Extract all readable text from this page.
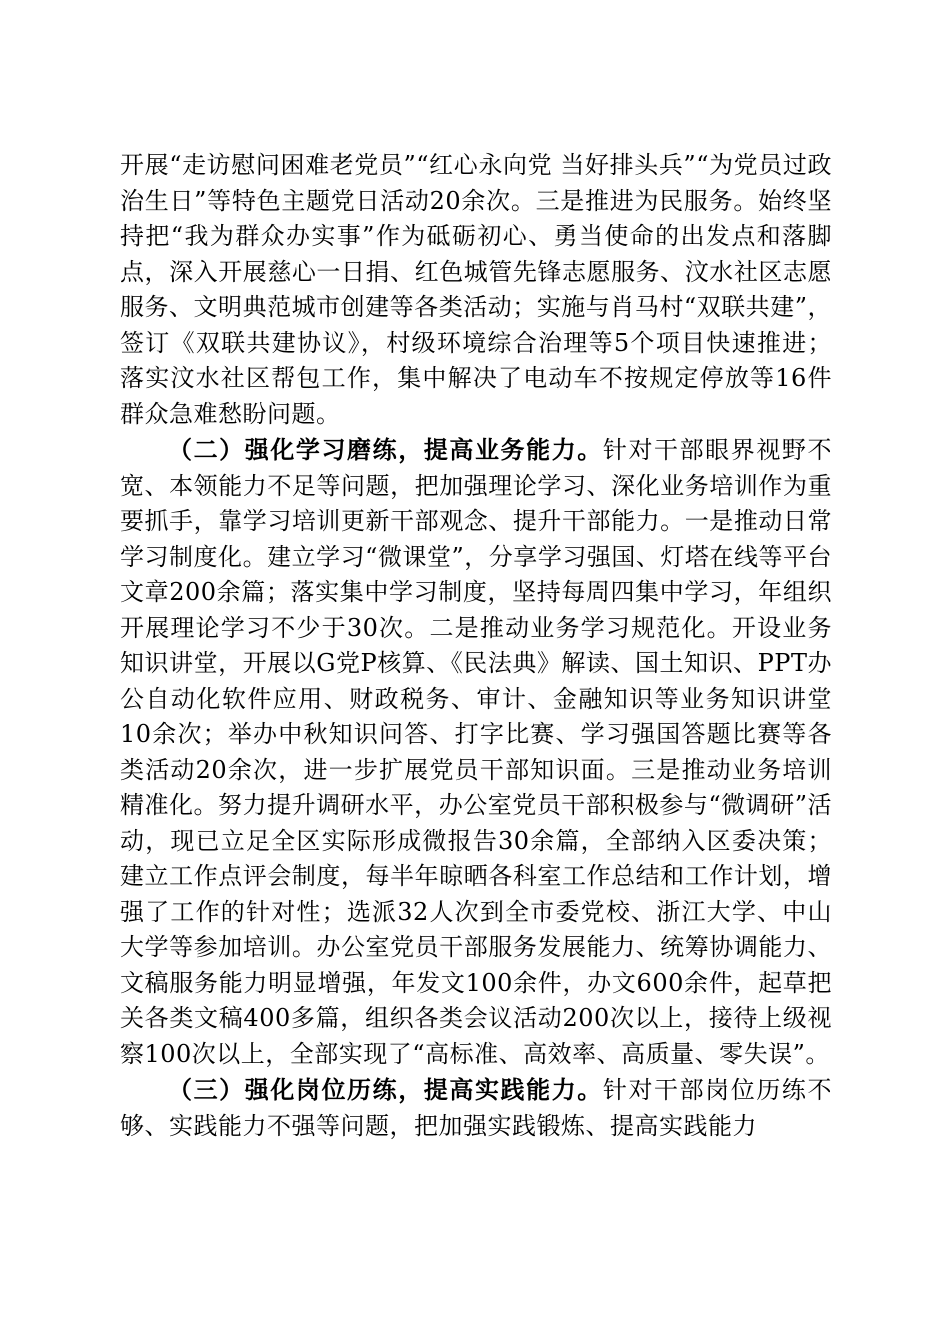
开展“走访慰问困难老党员”“红心永向党 当好排头兵”“为党员过政治生日”等特色主题党日活动20余次。三是推进为民服务。始终坚持把“我为群众办实事”作为砥砺初心、勇当使命的出发点和落脚点，深入开展慈心一日捐、红色城管先锋志愿服务、汶水社区志愿服务、文明典范城市创建等各类活动；实施与肖马村“双联共建”，签订《双联共建协议》，村级环境综合治理等5个项目快速推进；落实汶水社区帮包工作，集中解决了电动车不按规定停放等16件群众急难愁盼问题。

（二）强化学习磨练，提高业务能力。针对干部眼界视野不宽、本领能力不足等问题，把加强理论学习、深化业务培训作为重要抓手，靠学习培训更新干部观念、提升干部能力。一是推动日常学习制度化。建立学习“微课堂”，分享学习强国、灯塔在线等平台文章200余篇；落实集中学习制度，坚持每周四集中学习，年组织开展理论学习不少于30次。二是推动业务学习规范化。开设业务知识讲堂，开展以G党P核算、《民法典》解读、国土知识、PPT办公自动化软件应用、财政税务、审计、金融知识等业务知识讲堂10余次；举办中秋知识问答、打字比赛、学习强国答题比赛等各类活动20余次，进一步扩展党员干部知识面。三是推动业务培训精准化。努力提升调研水平，办公室党员干部积极参与“微调研”活动，现已立足全区实际形成微报告30余篇，全部纳入区委决策；建立工作点评会制度，每半年晾晒各科室工作总结和工作计划，增强了工作的针对性；选派32人次到全市委党校、浙江大学、中山大学等参加培训。办公室党员干部服务发展能力、统筹协调能力、文稿服务能力明显增强，年发文100余件，办文600余件，起草把关各类文稿400多篇，组织各类会议活动200次以上，接待上级视察100次以上，全部实现了“高标准、高效率、高质量、零失误”。

（三）强化岗位历练，提高实践能力。针对干部岗位历练不够、实践能力不强等问题，把加强实践锻炼、提高实践能力
